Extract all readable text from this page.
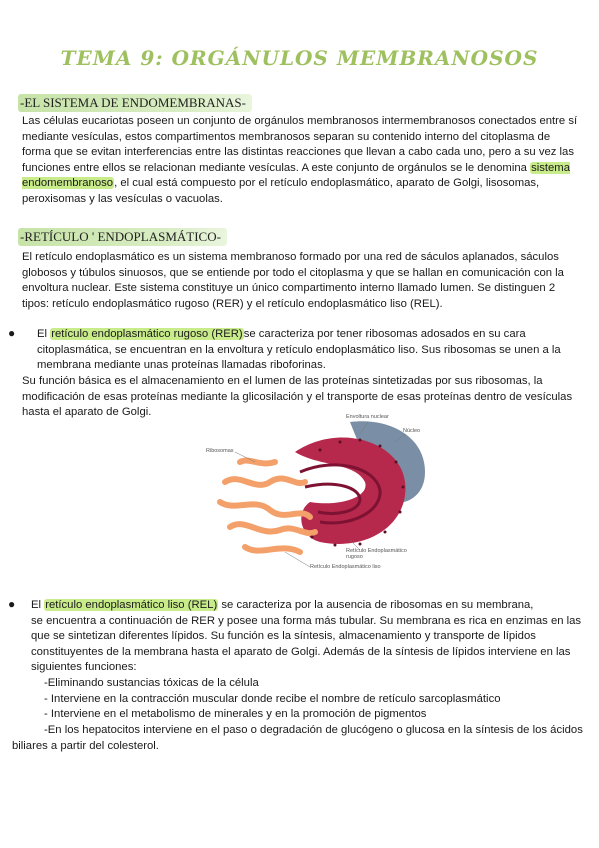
TEMA 9: ORGÁNULOS MEMBRANOSOS
-EL SISTEMA DE ENDOMEMBRANAS-

Las células eucariotas poseen un conjunto de orgánulos membranosos intermembranosos conectados entre sí mediante vesículas, estos compartimentos membranosos separan su contenido interno del citoplasma de forma que se evitan interferencias entre las distintas reacciones que llevan a cabo cada uno, pero a su vez las funciones entre ellos se relacionan mediante vesículas. A este conjunto de orgánulos se le denomina sistema endomembranoso, el cual está compuesto por el retículo endoplasmático, aparato de Golgi, lisosomas, peroxisomas y las vesículas o vacuolas.

-RETÍCULO ' ENDOPLASMÁTICO-

El retículo endoplasmático es un sistema membranoso formado por una red de sáculos aplanados, sáculos globosos y túbulos sinuosos, que se entiende por todo el citoplasma y que se hallan en comunicación con la envoltura nuclear. Este sistema constituye un único compartimento interno llamado lumen. Se distinguen 2 tipos: retículo endoplasmático rugoso (RER) y el retículo endoplasmático liso (REL).

● El retículo endoplasmático rugoso (RER)se caracteriza por tener ribosomas adosados en su cara
citoplasmática, se encuentran en la envoltura y retículo endoplasmático liso. Sus ribosomas se unen a la membrana mediante unas proteínas llamadas riboforinas.

Su función básica es el almacenamiento en el lumen de las proteínas sintetizadas por sus ribosomas, la modificación de esas proteínas mediante la glicosilación y el transporte de esas proteínas dentro de vesículas hasta el aparato de Golgi.	Envoltura nuclear
Núcleo
Ribosomas
Retículo Endoplasmático rugoso
Retículo Endoplasmático liso
● El retículo endoplasmático liso (REL) se caracteriza por la ausencia de ribosomas en su membrana,
se encuentra a continuación de RER y posee una forma más tubular. Su membrana es rica en enzimas en las que se sintetizan diferentes lípidos. Su función es la síntesis, almacenamiento y transporte de lípidos constituyentes de la membrana hasta el aparato de Golgi. Además de la síntesis de lípidos interviene en las siguientes funciones:

-Eliminando sustancias tóxicas de la célula
- Interviene en la contracción muscular donde recibe el nombre de retículo sarcoplasmático
- Interviene en el metabolismo de minerales y en la promoción de pigmentos

-En los hepatocitos interviene en el paso o degradación de glucógeno o glucosa en la síntesis de los ácidos biliares a partir del colesterol.
